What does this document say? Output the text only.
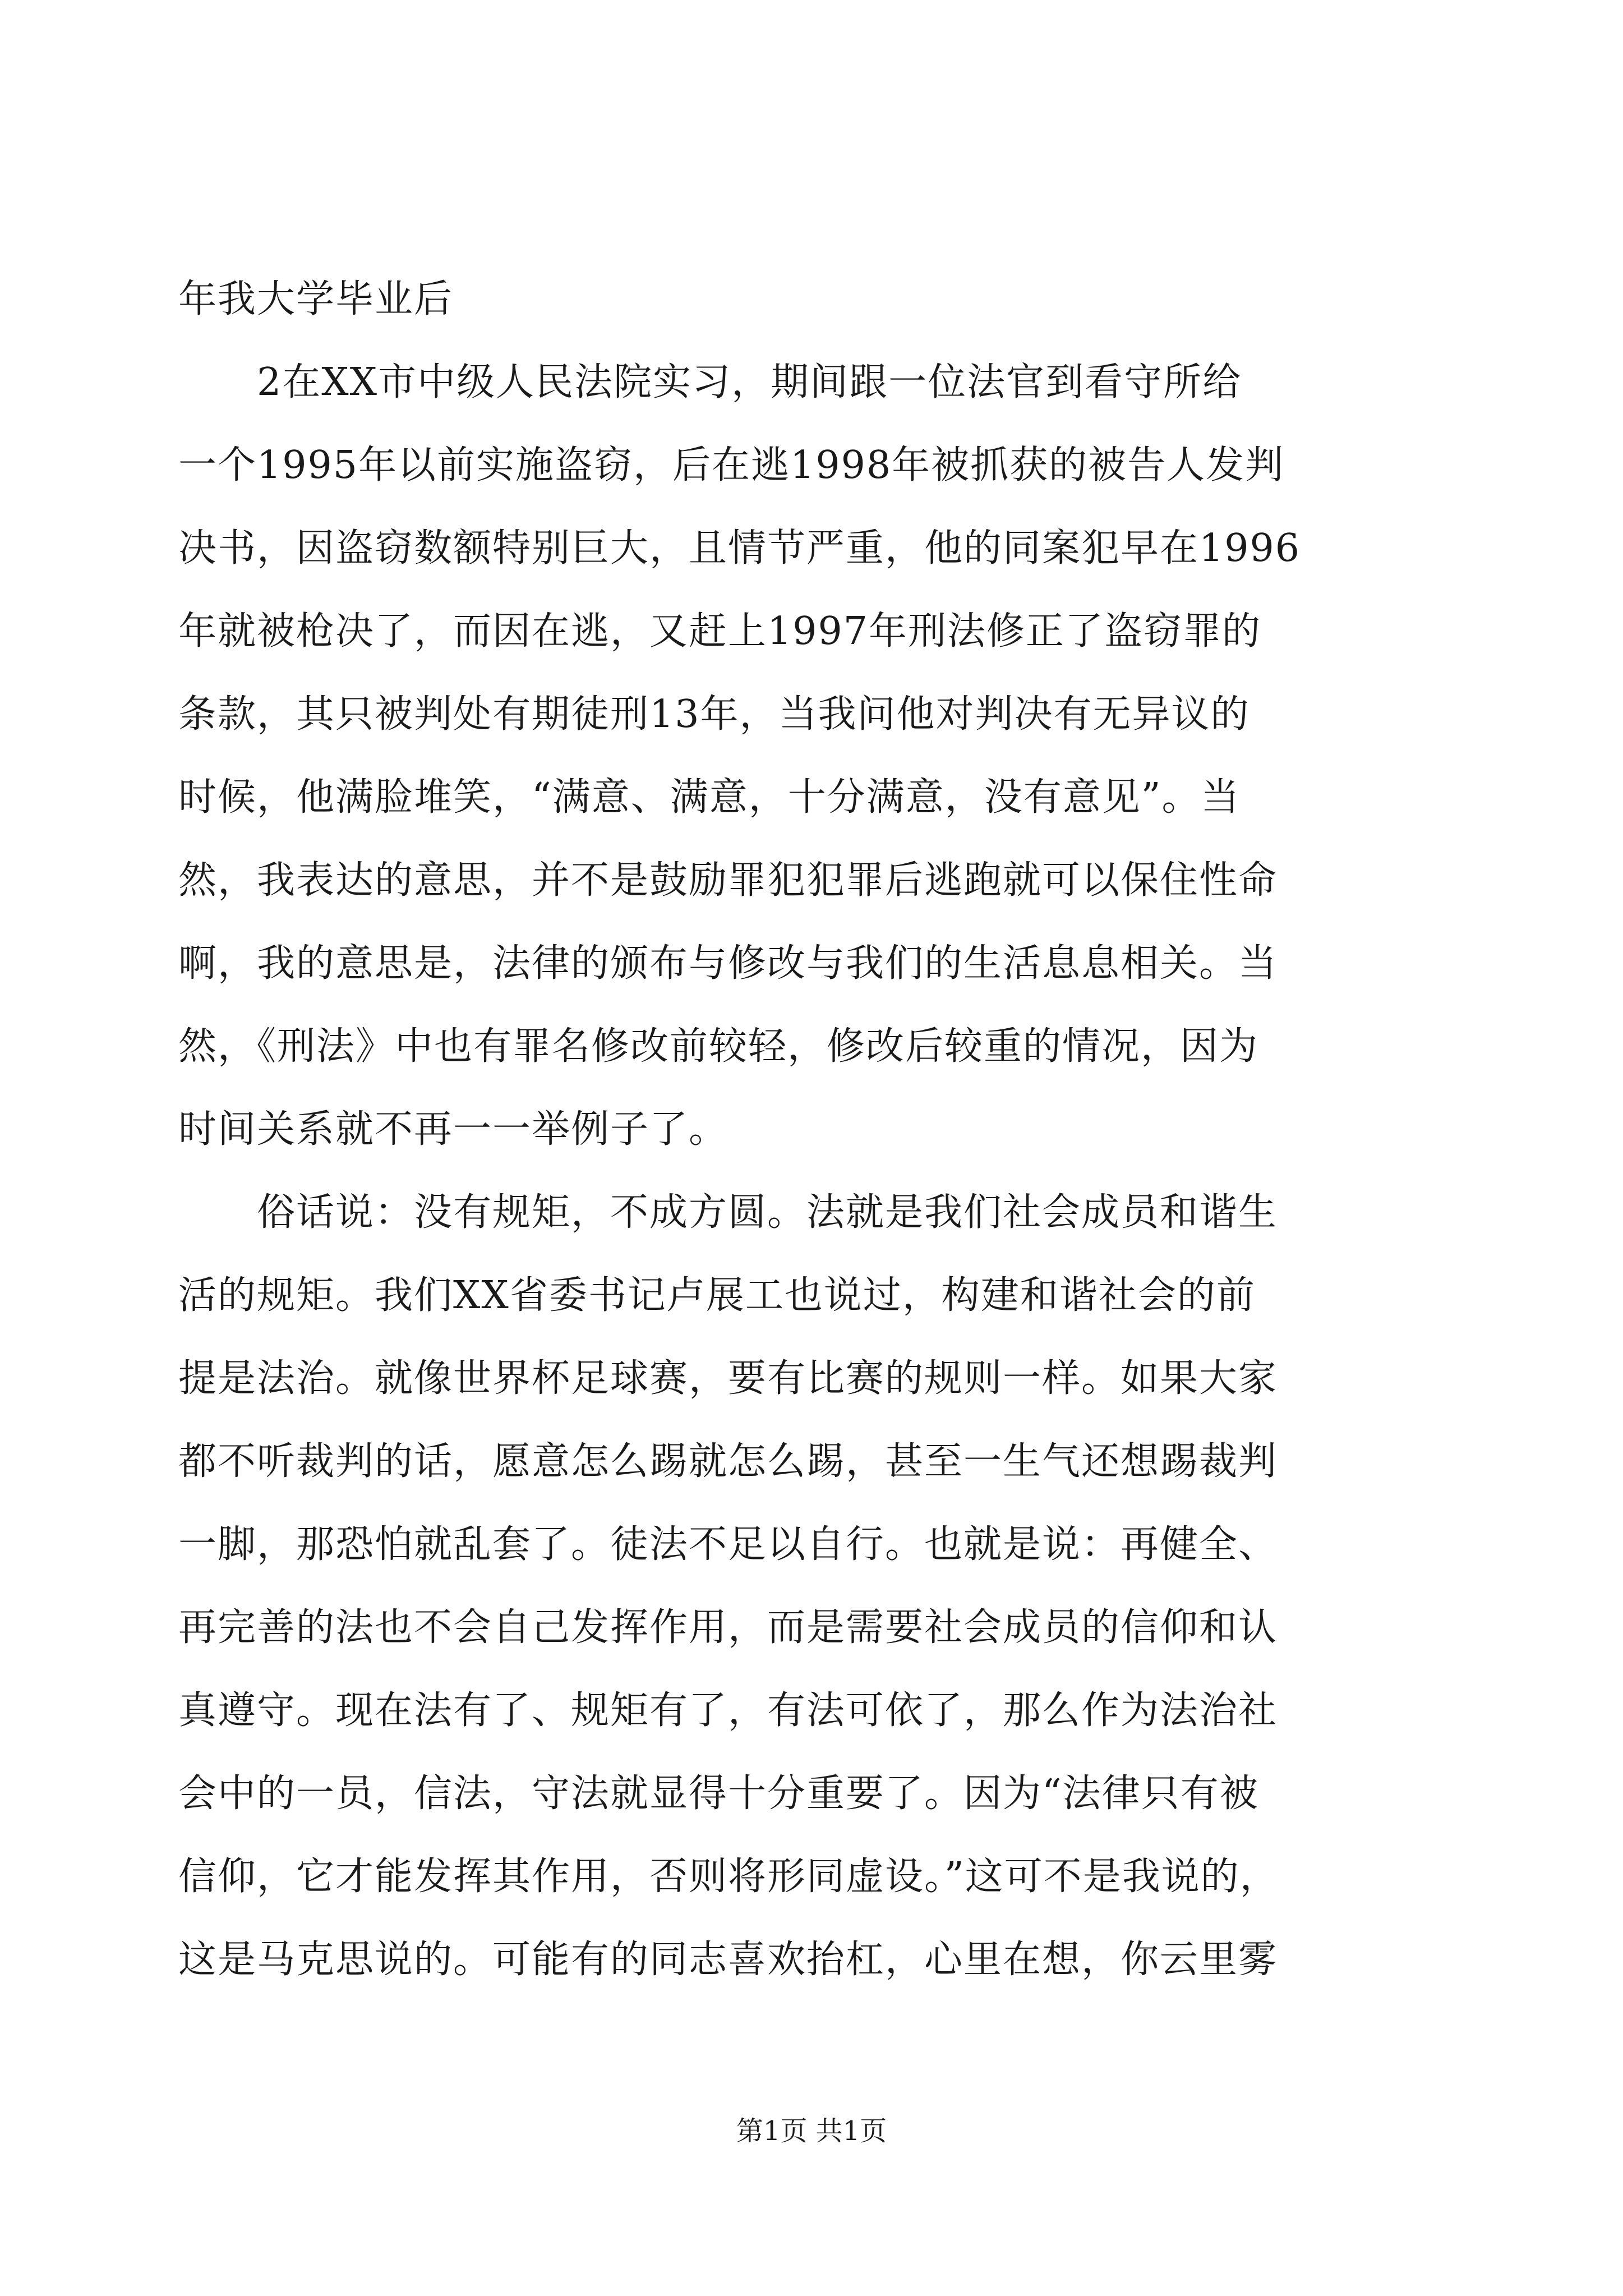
年我大学毕业后
　　2在XX市中级人民法院实习，期间跟一位法官到看守所给
一个1995年以前实施盗窃，后在逃1998年被抓获的被告人发判
决书，因盗窃数额特别巨大，且情节严重，他的同案犯早在1996
年就被枪决了，而因在逃，又赶上1997年刑法修正了盗窃罪的
条款，其只被判处有期徒刑13年，当我问他对判决有无异议的
时候，他满脸堆笑，“满意、满意，十分满意，没有意见”。当
然，我表达的意思，并不是鼓励罪犯犯罪后逃跑就可以保住性命
啊，我的意思是，法律的颁布与修改与我们的生活息息相关。当
然，《刑法》中也有罪名修改前较轻，修改后较重的情况，因为
时间关系就不再一一举例子了。
　　俗话说：没有规矩，不成方圆。法就是我们社会成员和谐生
活的规矩。我们XX省委书记卢展工也说过，构建和谐社会的前
提是法治。就像世界杯足球赛，要有比赛的规则一样。如果大家
都不听裁判的话，愿意怎么踢就怎么踢，甚至一生气还想踢裁判
一脚，那恐怕就乱套了。徒法不足以自行。也就是说：再健全、
再完善的法也不会自己发挥作用，而是需要社会成员的信仰和认
真遵守。现在法有了、规矩有了，有法可依了，那么作为法治社
会中的一员，信法，守法就显得十分重要了。因为“法律只有被
信仰，它才能发挥其作用，否则将形同虚设。”这可不是我说的，
这是马克思说的。可能有的同志喜欢抬杠，心里在想，你云里雾
第1页 共1页
